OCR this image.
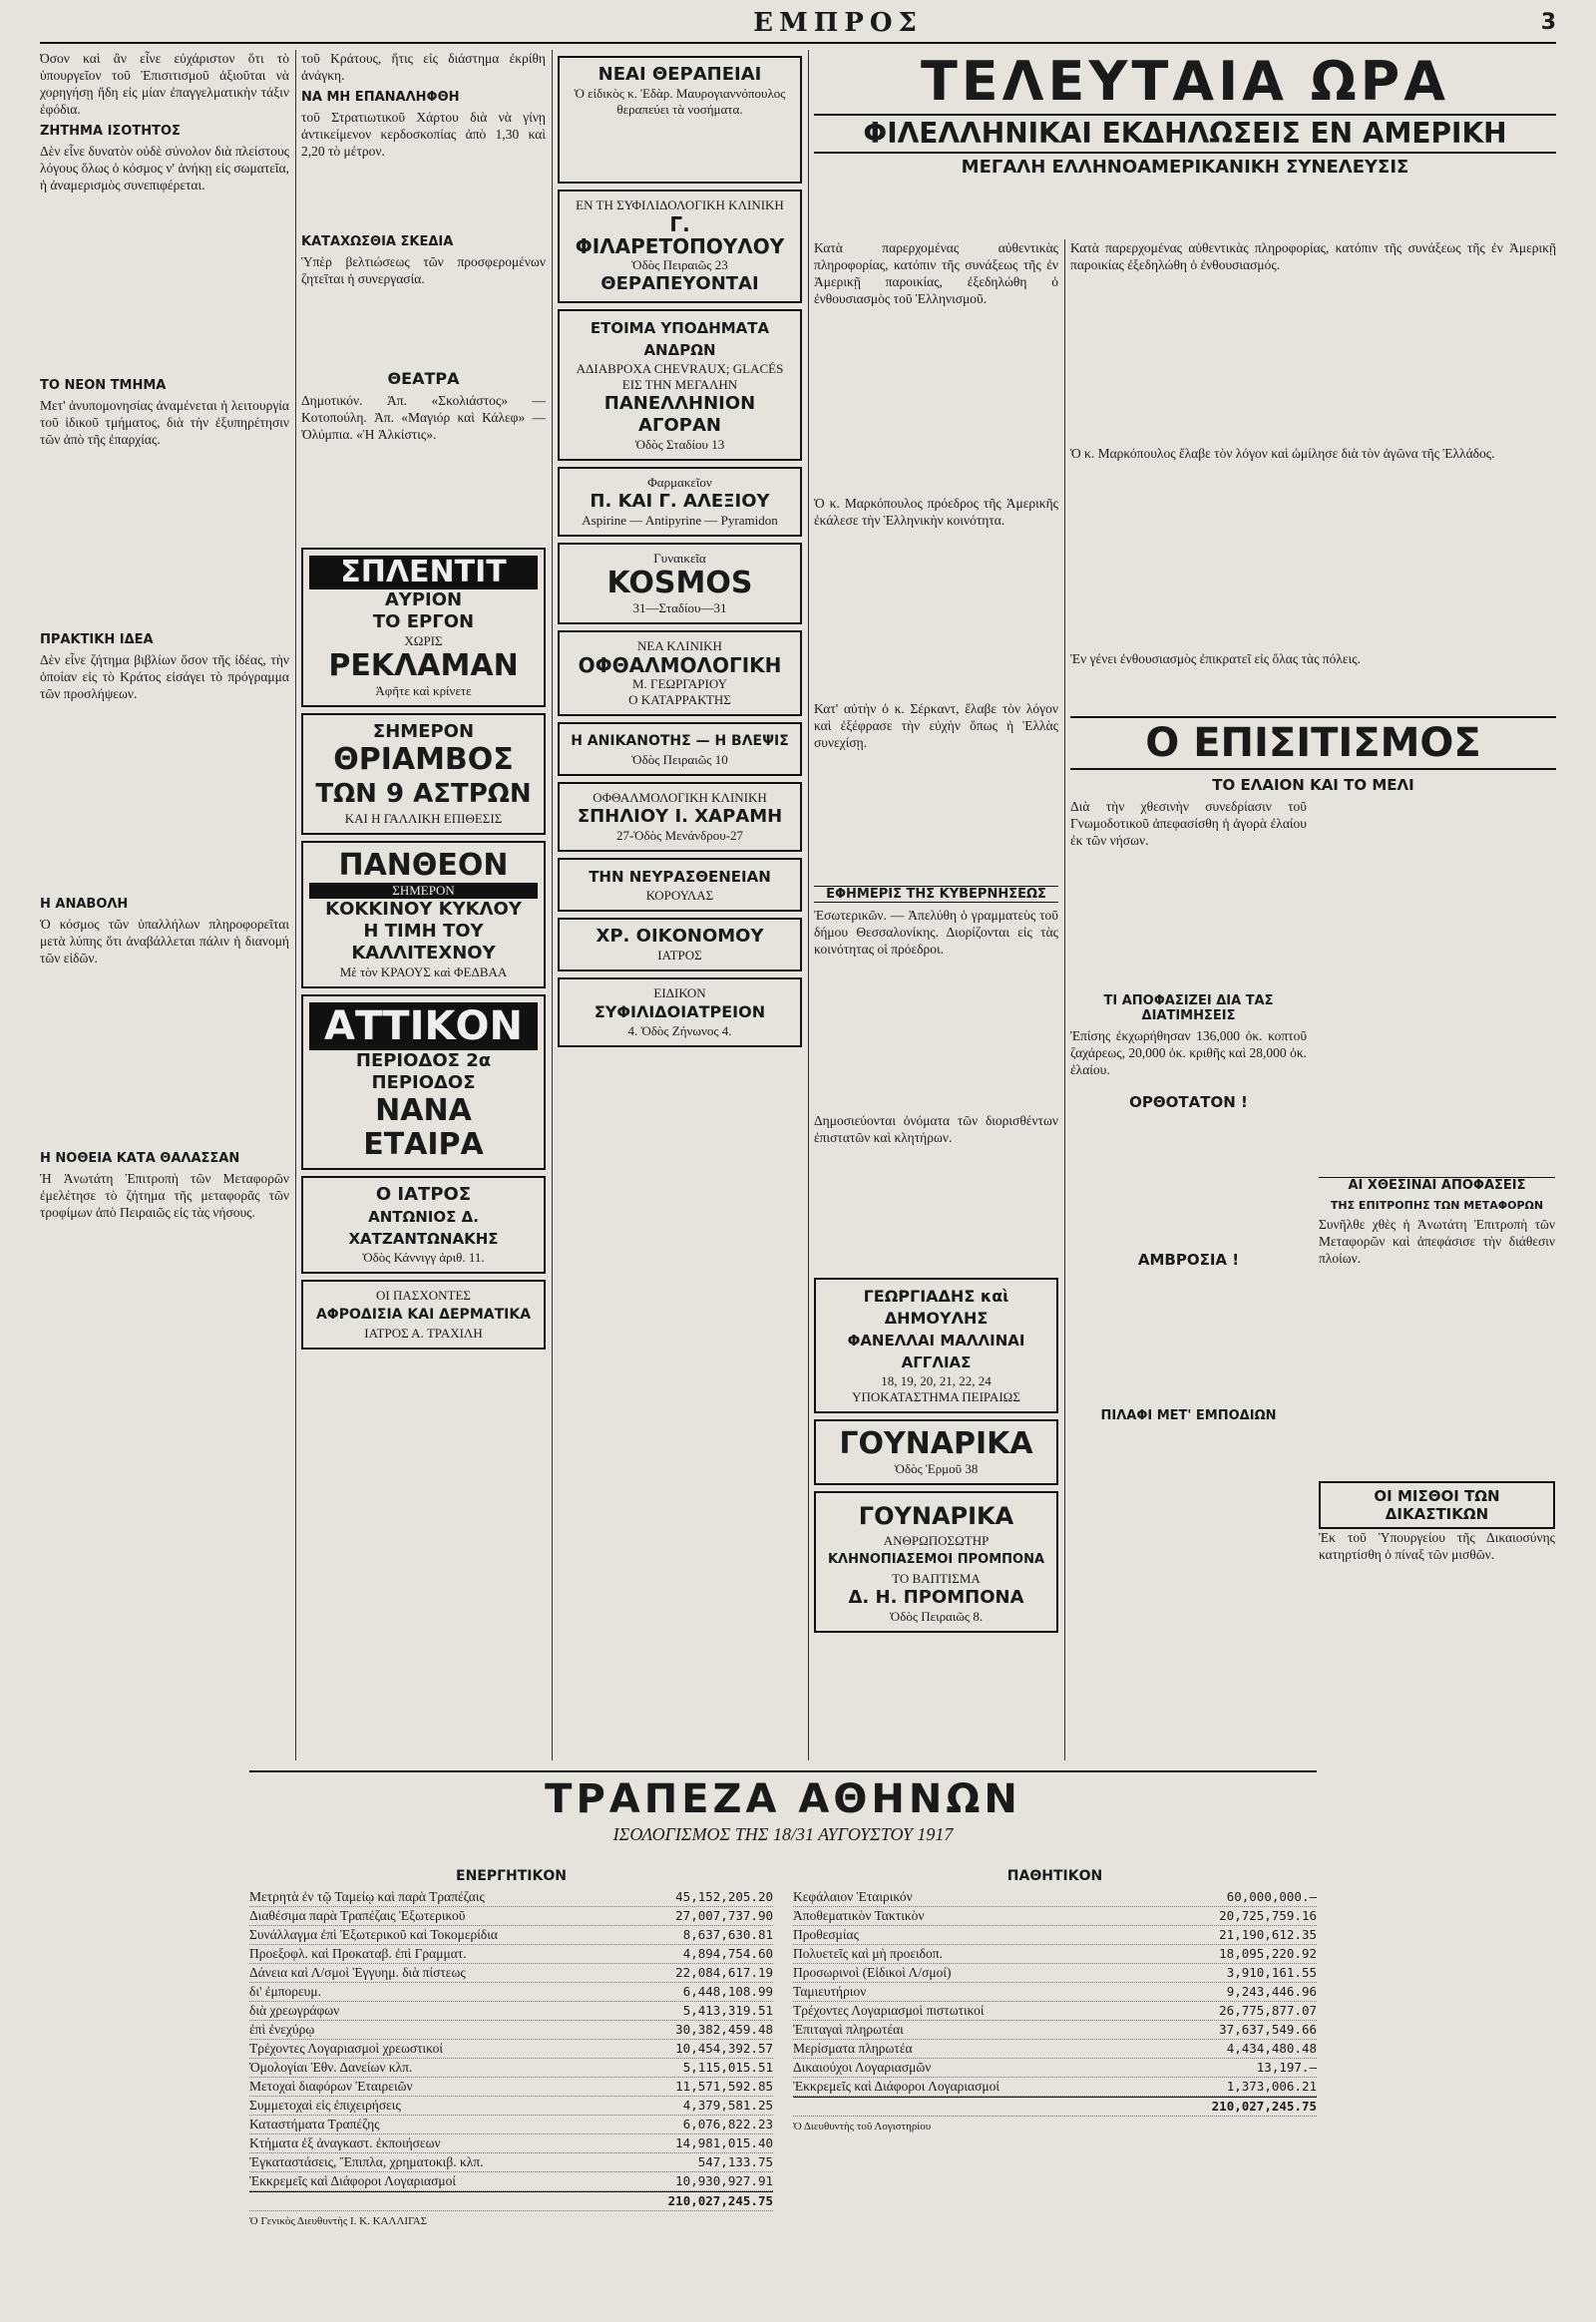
ΕΜΠΡΟΣ	3

Όσον καὶ ἂν εἶνε εὐχάριστον ὅτι τὸ ὑπουργεῖον τοῦ Ἐπισιτισμοῦ ἀξιοῦται νὰ χορηγήσῃ ἤδη εἰς μίαν ἐπαγγελματικὴν τάξιν ἐφόδια.

ΖΗΤΗΜΑ ΙΣΟΤΗΤΟΣ

Δὲν εἶνε δυνατὸν οὐδὲ σύνολον διὰ πλείστους λόγους ὅλως ὁ κόσμος ν' ἀνήκῃ εἰς σωματεῖα, ἡ ἀναμερισμὸς συνεπιφέρεται.

ΤΟ ΝΕΟΝ ΤΜΗΜΑ

Μετ' ἀνυπομονησίας ἀναμένεται ἡ λειτουργία τοῦ ἰδικοῦ τμήματος, διὰ τὴν ἐξυπηρέτησιν τῶν ἀπὸ τῆς ἐπαρχίας.

ΠΡΑΚΤΙΚΗ ΙΔΕΑ

Δὲν εἶνε ζήτημα βιβλίων ὅσον τῆς ἰδέας, τὴν ὁποίαν εἰς τὸ Κράτος εἰσάγει τὸ πρόγραμμα τῶν προσλήψεων.

Η ΑΝΑΒΟΛΗ

Ὁ κόσμος τῶν ὑπαλλήλων πληροφορεῖται μετὰ λύπης ὅτι ἀναβάλλεται πάλιν ἡ διανομή τῶν εἰδῶν.

Η ΝΟΘΕΙΑ ΚΑΤΑ ΘΑΛΑΣΣΑΝ

Ἡ Ἀνωτάτη Ἐπιτροπὴ τῶν Μεταφορῶν ἐμελέτησε τὸ ζήτημα τῆς μεταφορᾶς τῶν τροφίμων ἀπὸ Πειραιῶς εἰς τὰς νήσους.

τοῦ Κράτους, ἥτις εἰς διάστημα ἐκρίθη ἀνάγκη.

ΝΑ ΜΗ ΕΠΑΝΑΛΗΦΘΗ

τοῦ Στρατιωτικοῦ Χάρτου διὰ νὰ γίνῃ ἀντικείμενον κερδοσκοπίας ἀπὸ 1,30 καὶ 2,20 τὸ μέτρον.

ΚΑΤΑΧΩΣΘΙΑ ΣΚΕΔΙΑ

Ὑπὲρ βελτιώσεως τῶν προσφερομένων ζητεῖται ἡ συνεργασία.

ΘΕΑΤΡΑ

Δημοτικόν. Ἀπ. «Σκολιάστος» — Κοτοπούλη. Ἀπ. «Μαγιόρ καὶ Κάλεφ» — Ὀλύμπια. «Ἡ Ἀλκίστις».

ΣΠΛΕΝΤΙΤ
ΑΥΡΙΟΝ
ΤΟ ΕΡΓΟΝ
ΧΩΡΙΣ
ΡΕΚΛΑΜΑΝ
Ἀφῆτε καὶ κρίνετε
ΣΗΜΕΡΟΝ
ΘΡΙΑΜΒΟΣ
ΤΩΝ 9 ΑΣΤΡΩΝ
ΚΑΙ Η ΓΑΛΛΙΚΗ ΕΠΙΘΕΣΙΣ
ΠΑΝΘΕΟΝ
ΣΗΜΕΡΟΝ
ΚΟΚΚΙΝΟΥ ΚΥΚΛΟΥ
Η ΤΙΜΗ ΤΟΥ ΚΑΛΛΙΤΕΧΝΟΥ
Μὲ τὸν ΚΡΑΟΥΣ καὶ ΦΕΔΒΑΑ
ΑΤΤΙΚΟΝ
ΠΕΡΙΟΔΟΣ 2α ΠΕΡΙΟΔΟΣ
ΝΑΝΑ
ΕΤΑΙΡΑ
Ο ΙΑΤΡΟΣ
ΑΝΤΩΝΙΟΣ Δ. ΧΑΤΖΑΝΤΩΝΑΚΗΣ
Ὁδὸς Κάννιγγ ἀριθ. 11.
ΟΙ ΠΑΣΧΟΝΤΕΣ
ΑΦΡΟΔΙΣΙΑ ΚΑΙ ΔΕΡΜΑΤΙΚΑ
ΙΑΤΡΟΣ Α. ΤΡΑΧΙΛΗ
ΝΕΑΙ ΘΕΡΑΠΕΙΑΙ
Ὁ εἰδικὸς κ. Ἐδὰρ. Μαυρογιαννόπουλος θεραπεύει τὰ νοσήματα.
ΕΝ ΤΗ ΣΥΦΙΛΙΔΟΛΟΓΙΚΗ ΚΛΙΝΙΚΗ
Γ. ΦΙΛΑΡΕΤΟΠΟΥΛΟΥ
Ὁδὸς Πειραιῶς 23
ΘΕΡΑΠΕΥΟΝΤΑΙ
ΕΤΟΙΜΑ ΥΠΟΔΗΜΑΤΑ ΑΝΔΡΩΝ
ΑΔΙΑΒΡΟΧΑ CHEVRAUX; GLACÉS
ΕΙΣ ΤΗΝ ΜΕΓΑΛΗΝ
ΠΑΝΕΛΛΗΝΙΟΝ ΑΓΟΡΑΝ
Ὁδὸς Σταδίου 13
Φαρμακεῖον
Π. ΚΑΙ Γ. ΑΛΕΞΙΟΥ
Aspirine — Antipyrine — Pyramidon
Γυναικεῖα
KOSMOS
31—Σταδίου—31
ΝΕΑ ΚΛΙΝΙΚΗ
ΟΦΘΑΛΜΟΛΟΓΙΚΗ
Μ. ΓΕΩΡΓΑΡΙΟΥ
Ο ΚΑΤΑΡΡΑΚΤΗΣ
Η ΑΝΙΚΑΝΟΤΗΣ — Η ΒΛΕΨΙΣ
Ὁδὸς Πειραιῶς 10
ΟΦΘΑΛΜΟΛΟΓΙΚΗ ΚΛΙΝΙΚΗ
ΣΠΗΛΙΟΥ Ι. ΧΑΡΑΜΗ
27-Ὁδὸς Μενάνδρου-27
ΤΗΝ ΝΕΥΡΑΣΘΕΝΕΙΑΝ
ΚΟΡΟΥΛΑΣ
ΧΡ. ΟΙΚΟΝΟΜΟΥ
ΙΑΤΡΟΣ
ΕΙΔΙΚΟΝ
ΣΥΦΙΛΙΔΟΙΑΤΡΕΙΟΝ
4. Ὁδὸς Ζήνωνος 4.
ΤΕΛΕΥΤΑΙΑ ΩΡΑ
ΦΙΛΕΛΛΗΝΙΚΑΙ ΕΚΔΗΛΩΣΕΙΣ ΕΝ ΑΜΕΡΙΚΗ
ΜΕΓΑΛΗ ΕΛΛΗΝΟΑΜΕΡΙΚΑΝΙΚΗ ΣΥΝΕΛΕΥΣΙΣ

Κατὰ παρερχομένας αὐθεντικὰς πληροφορίας, κατόπιν τῆς συνάξεως τῆς ἐν Ἀμερικῇ παροικίας, ἐξεδηλώθη ὁ ἐνθουσιασμὸς τοῦ Ἑλληνισμοῦ.

Ὁ κ. Μαρκόπουλος πρόεδρος τῆς Ἀμερικῆς ἐκάλεσε τὴν Ἑλληνικὴν κοινότητα.

Κατ' αὐτὴν ὁ κ. Σέρκαντ, ἔλαβε τὸν λόγον καὶ ἐξέφρασε τὴν εὐχὴν ὅπως ἡ Ἑλλὰς συνεχίσῃ.

ΕΦΗΜΕΡΙΣ ΤΗΣ ΚΥΒΕΡΝΗΣΕΩΣ

Ἐσωτερικῶν. — Ἀπελύθη ὁ γραμματεὺς τοῦ δήμου Θεσσαλονίκης. Διορίζονται εἰς τὰς κοινότητας οἱ πρόεδροι.

Δημοσιεύονται ὀνόματα τῶν διορισθέντων ἐπιστατῶν καὶ κλητήρων.

ΓΕΩΡΓΙΑΔΗΣ καὶ ΔΗΜΟΥΛΗΣ
ΦΑΝΕΛΛΑΙ ΜΑΛΛΙΝΑΙ ΑΓΓΛΙΑΣ
18, 19, 20, 21, 22, 24
ΥΠΟΚΑΤΑΣΤΗΜΑ ΠΕΙΡΑΙΩΣ
ΓΟΥΝΑΡΙΚΑ
Ὁδὸς Ἑρμοῦ 38
ΓΟΥΝΑΡΙΚΑ
ΑΝΘΡΩΠΟΣΩΤΗΡ
ΚΛΗΝΟΠΙΑΣΕΜΟΙ ΠΡΟΜΠΟΝΑ
ΤΟ ΒΑΠΤΙΣΜΑ
Δ. Η. ΠΡΟΜΠΟΝΑ
Ὁδὸς Πειραιῶς 8.

Κατὰ παρερχομένας αὐθεντικὰς πληροφορίας, κατόπιν τῆς συνάξεως τῆς ἐν Ἀμερικῇ παροικίας ἐξεδηλώθη ὁ ἐνθουσιασμός.

Ὁ κ. Μαρκόπουλος ἔλαβε τὸν λόγον καὶ ὡμίλησε διὰ τὸν ἀγῶνα τῆς Ἑλλάδος.

Ἐν γένει ἐνθουσιασμὸς ἐπικρατεῖ εἰς ὅλας τὰς πόλεις.

Ο ΕΠΙΣΙΤΙΣΜΟΣ
ΤΟ ΕΛΑΙΟΝ ΚΑΙ ΤΟ ΜΕΛΙ

Διὰ τὴν χθεσινὴν συνεδρίασιν τοῦ Γνωμοδοτικοῦ ἀπεφασίσθη ἡ ἀγορὰ ἐλαίου ἐκ τῶν νήσων.

ΤΙ ΑΠΟΦΑΣΙΖΕΙ ΔΙΑ ΤΑΣ ΔΙΑΤΙΜΗΣΕΙΣ

Ἐπίσης ἐκχωρήθησαν 136,000 ὀκ. κοπτοῦ ζαχάρεως, 20,000 ὀκ. κριθῆς καὶ 28,000 ὀκ. ἐλαίου.

ΟΡΘΟΤΑΤΟΝ !
ΑΜΒΡΟΣΙΑ !
ΠΙΛΑΦΙ ΜΕΤ' ΕΜΠΟΔΙΩΝ
ΑΙ ΧΘΕΣΙΝΑΙ ΑΠΟΦΑΣΕΙΣ
ΤΗΣ ΕΠΙΤΡΟΠΗΣ ΤΩΝ ΜΕΤΑΦΟΡΩΝ

Συνῆλθε χθὲς ἡ Ἀνωτάτη Ἐπιτροπὴ τῶν Μεταφορῶν καὶ ἀπεφάσισε τὴν διάθεσιν πλοίων.

ΟΙ ΜΙΣΘΟΙ ΤΩΝ ΔΙΚΑΣΤΙΚΩΝ

Ἐκ τοῦ Ὑπουργείου τῆς Δικαιοσύνης κατηρτίσθη ὁ πίναξ τῶν μισθῶν.

ΤΡΑΠΕΖΑ ΑΘΗΝΩΝ
ΙΣΟΛΟΓΙΣΜΟΣ ΤΗΣ 18/31 ΑΥΓΟΥΣΤΟΥ 1917
ΕΝΕΡΓΗΤΙΚΟΝ
Μετρητὰ ἐν τῷ Ταμείῳ καὶ παρὰ Τραπέζαις	45,152,205.20
Διαθέσιμα παρὰ Τραπέζαις Ἐξωτερικοῦ	27,007,737.90
Συνάλλαγμα ἐπὶ Ἐξωτερικοῦ καὶ Τοκομερίδια	8,637,630.81
Προεξοφλ. καὶ Προκαταβ. ἐπὶ Γραμματ.	4,894,754.60
Δάνεια καὶ Λ/σμοὶ Ἐγγυημ. διὰ πίστεως	22,084,617.19
δι' ἐμπορευμ.	6,448,108.99
διὰ χρεωγράφων	5,413,319.51
ἐπὶ ἐνεχύρῳ	30,382,459.48
Τρέχοντες Λογαριασμοὶ χρεωστικοί	10,454,392.57
Ὁμολογίαι Ἐθν. Δανείων κλπ.	5,115,015.51
Μετοχαὶ διαφόρων Ἑταιρειῶν	11,571,592.85
Συμμετοχαὶ εἰς ἐπιχειρήσεις	4,379,581.25
Καταστήματα Τραπέζης	6,076,822.23
Κτήματα ἐξ ἀναγκαστ. ἐκποιήσεων	14,981,015.40
Ἐγκαταστάσεις, Ἔπιπλα, χρηματοκιβ. κλπ.	547,133.75
Ἐκκρεμεῖς καὶ Διάφοροι Λογαριασμοί	10,930,927.91
210,027,245.75
Ὁ Γενικὸς Διευθυντὴς Ι. Κ. ΚΑΛΛΙΓΑΣ
ΠΑΘΗΤΙΚΟΝ
Κεφάλαιον Ἑταιρικόν	60,000,000.—
Ἀποθεματικὸν Τακτικὸν	20,725,759.16
Προθεσμίας	21,190,612.35
Πολυετεῖς καὶ μὴ προειδοπ.	18,095,220.92
Προσωρινοὶ (Εἰδικοὶ Λ/σμοί)	3,910,161.55
Ταμιευτήριον	9,243,446.96
Τρέχοντες Λογαριασμοὶ πιστωτικοί	26,775,877.07
Ἐπιταγαὶ πληρωτέαι	37,637,549.66
Μερίσματα πληρωτέα	4,434,480.48
Δικαιούχοι Λογαριασμῶν	13,197.—
Ἐκκρεμεῖς καὶ Διάφοροι Λογαριασμοί	1,373,006.21
210,027,245.75
Ὁ Διευθυντὴς τοῦ Λογιστηρίου
